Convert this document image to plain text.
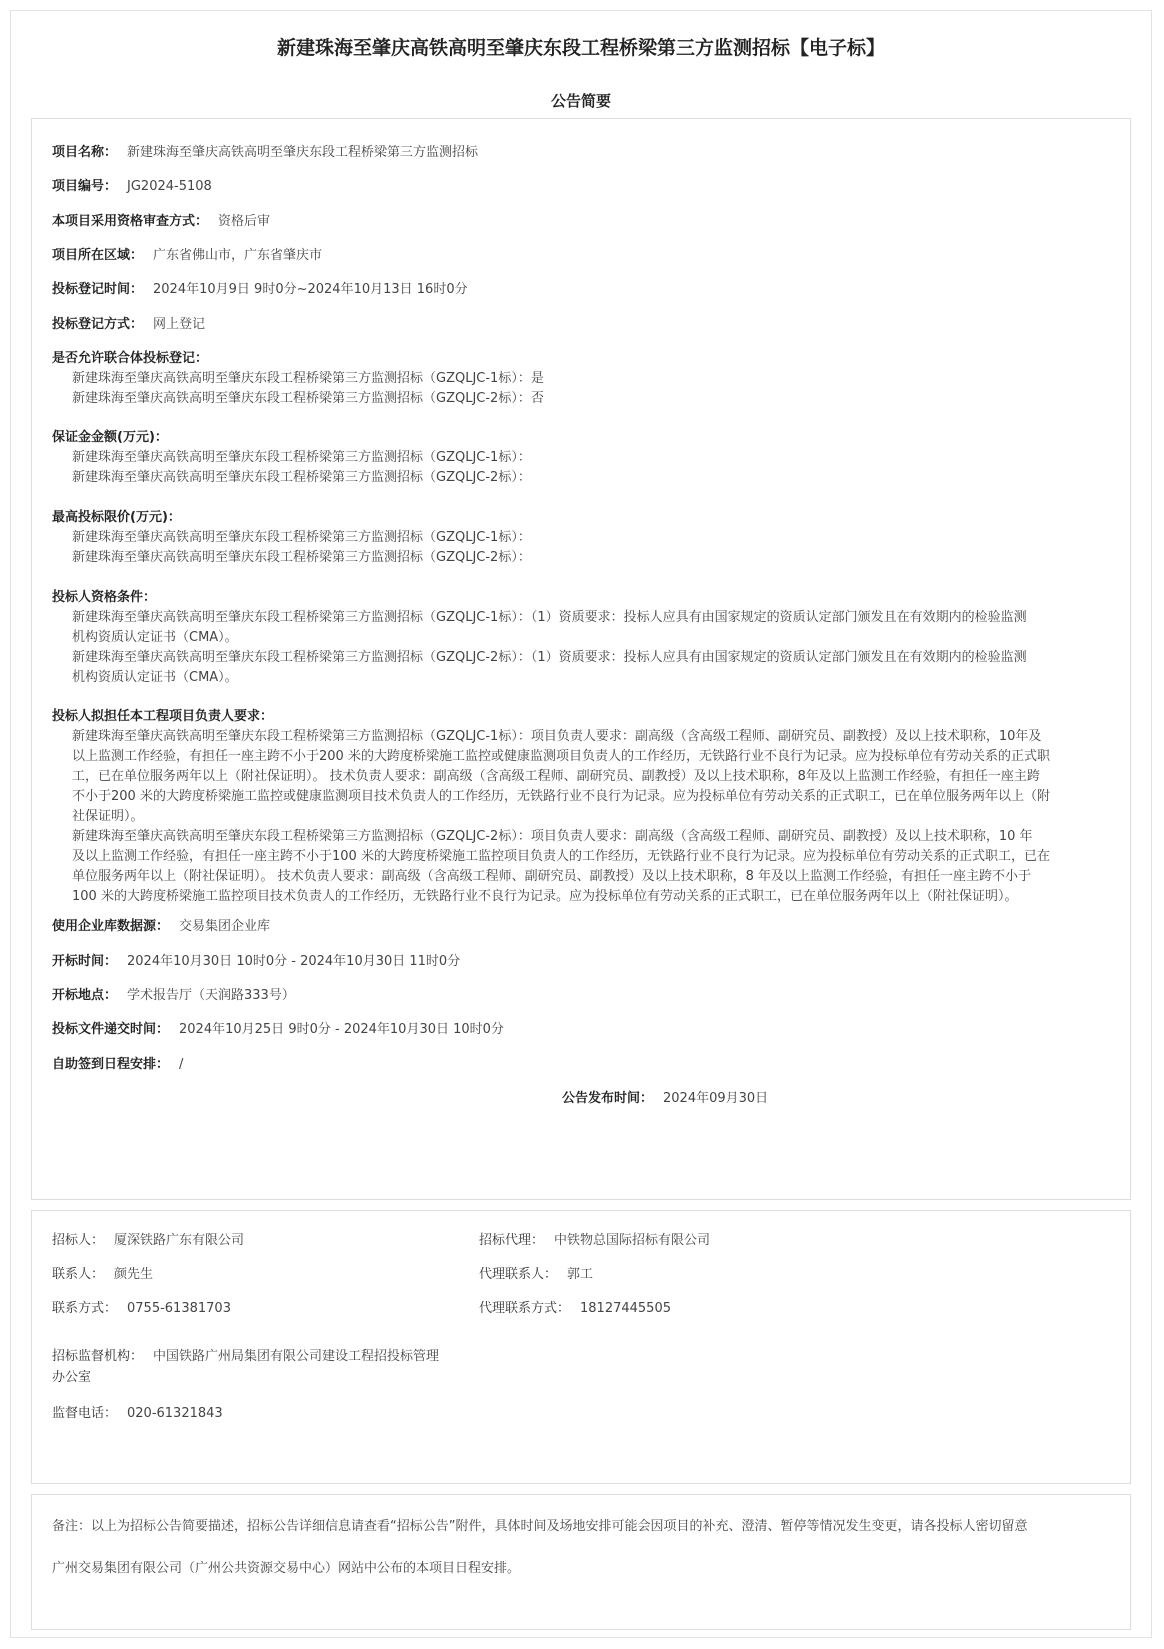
新建珠海至肇庆高铁高明至肇庆东段工程桥梁第三方监测招标【电子标】
公告简要
项目名称： 新建珠海至肇庆高铁高明至肇庆东段工程桥梁第三方监测招标
项目编号： JG2024-5108
本项目采用资格审查方式： 资格后审
项目所在区域： 广东省佛山市，广东省肇庆市
投标登记时间： 2024年10月9日 9时0分~2024年10月13日 16时0分
投标登记方式： 网上登记
是否允许联合体投标登记：
新建珠海至肇庆高铁高明至肇庆东段工程桥梁第三方监测招标（GZQLJC-1标）：是
新建珠海至肇庆高铁高明至肇庆东段工程桥梁第三方监测招标（GZQLJC-2标）：否
保证金金额(万元)：
新建珠海至肇庆高铁高明至肇庆东段工程桥梁第三方监测招标（GZQLJC-1标）：
新建珠海至肇庆高铁高明至肇庆东段工程桥梁第三方监测招标（GZQLJC-2标）：
最高投标限价(万元)：
新建珠海至肇庆高铁高明至肇庆东段工程桥梁第三方监测招标（GZQLJC-1标）：
新建珠海至肇庆高铁高明至肇庆东段工程桥梁第三方监测招标（GZQLJC-2标）：
投标人资格条件：
新建珠海至肇庆高铁高明至肇庆东段工程桥梁第三方监测招标（GZQLJC-1标）：（1）资质要求：投标人应具有由国家规定的资质认定部门颁发且在有效期内的检验监测
机构资质认定证书（CMA）。
新建珠海至肇庆高铁高明至肇庆东段工程桥梁第三方监测招标（GZQLJC-2标）：（1）资质要求：投标人应具有由国家规定的资质认定部门颁发且在有效期内的检验监测
机构资质认定证书（CMA）。
投标人拟担任本工程项目负责人要求：
新建珠海至肇庆高铁高明至肇庆东段工程桥梁第三方监测招标（GZQLJC-1标）：项目负责人要求：副高级（含高级工程师、副研究员、副教授）及以上技术职称，10年及
以上监测工作经验，有担任一座主跨不小于200 米的大跨度桥梁施工监控或健康监测项目负责人的工作经历，无铁路行业不良行为记录。应为投标单位有劳动关系的正式职
工，已在单位服务两年以上（附社保证明）。 技术负责人要求：副高级（含高级工程师、副研究员、副教授）及以上技术职称，8年及以上监测工作经验，有担任一座主跨
不小于200 米的大跨度桥梁施工监控或健康监测项目技术负责人的工作经历，无铁路行业不良行为记录。应为投标单位有劳动关系的正式职工，已在单位服务两年以上（附
社保证明）。
新建珠海至肇庆高铁高明至肇庆东段工程桥梁第三方监测招标（GZQLJC-2标）：项目负责人要求：副高级（含高级工程师、副研究员、副教授）及以上技术职称，10 年
及以上监测工作经验，有担任一座主跨不小于100 米的大跨度桥梁施工监控项目负责人的工作经历，无铁路行业不良行为记录。应为投标单位有劳动关系的正式职工，已在
单位服务两年以上（附社保证明）。 技术负责人要求：副高级（含高级工程师、副研究员、副教授）及以上技术职称，8 年及以上监测工作经验，有担任一座主跨不小于
100 米的大跨度桥梁施工监控项目技术负责人的工作经历，无铁路行业不良行为记录。应为投标单位有劳动关系的正式职工，已在单位服务两年以上（附社保证明）。
使用企业库数据源： 交易集团企业库
开标时间： 2024年10月30日 10时0分 - 2024年10月30日 11时0分
开标地点： 学术报告厅（天润路333号）
投标文件递交时间： 2024年10月25日 9时0分 - 2024年10月30日 10时0分
自助签到日程安排： /
公告发布时间： 2024年09月30日
招标人： 厦深铁路广东有限公司	招标代理： 中铁物总国际招标有限公司
联系人： 颜先生	代理联系人： 郭工
联系方式： 0755-61381703	代理联系方式： 18127445505
招标监督机构： 中国铁路广州局集团有限公司建设工程招投标管理
办公室
监督电话： 020-61321843
备注：以上为招标公告简要描述，招标公告详细信息请查看“招标公告”附件，具体时间及场地安排可能会因项目的补充、澄清、暂停等情况发生变更，请各投标人密切留意
广州交易集团有限公司（广州公共资源交易中心）网站中公布的本项目日程安排。
